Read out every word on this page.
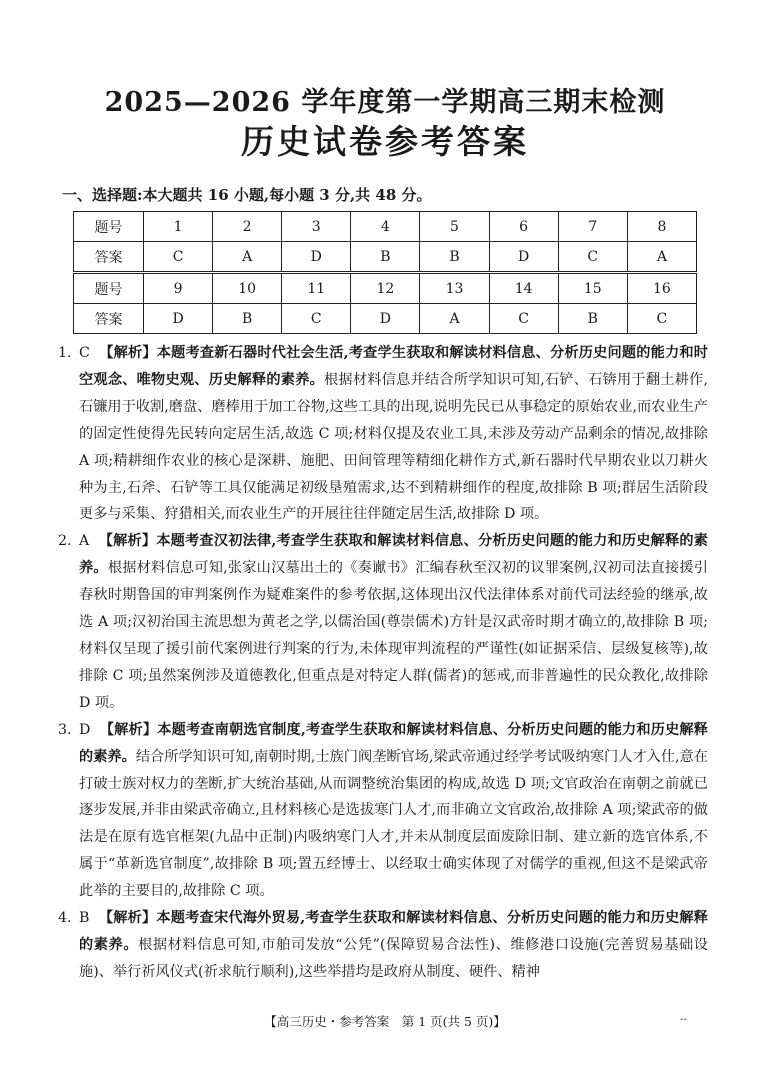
2025—2026 学年度第一学期高三期末检测
历史试卷参考答案
一、选择题:本大题共 16 小题,每小题 3 分,共 48 分。
题号	1	2	3	4	5	6	7	8
答案	C	A	D	B	B	D	C	A
题号	9	10	11	12	13	14	15	16
答案	D	B	C	D	A	C	B	C

1. C 【解析】本题考查新石器时代社会生活,考查学生获取和解读材料信息、分析历史问题的能力和时空观念、唯物史观、历史解释的素养。根据材料信息并结合所学知识可知,石铲、石锛用于翻土耕作,石镰用于收割,磨盘、磨棒用于加工谷物,这些工具的出现,说明先民已从事稳定的原始农业,而农业生产的固定性使得先民转向定居生活,故选 C 项;材料仅提及农业工具,未涉及劳动产品剩余的情况,故排除 A 项;精耕细作农业的核心是深耕、施肥、田间管理等精细化耕作方式,新石器时代早期农业以刀耕火种为主,石斧、石铲等工具仅能满足初级垦殖需求,达不到精耕细作的程度,故排除 B 项;群居生活阶段更多与采集、狩猎相关,而农业生产的开展往往伴随定居生活,故排除 D 项。

2. A 【解析】本题考查汉初法律,考查学生获取和解读材料信息、分析历史问题的能力和历史解释的素养。根据材料信息可知,张家山汉墓出土的《奏谳书》汇编春秋至汉初的议罪案例,汉初司法直接援引春秋时期鲁国的审判案例作为疑难案件的参考依据,这体现出汉代法律体系对前代司法经验的继承,故选 A 项;汉初治国主流思想为黄老之学,以儒治国(尊崇儒术)方针是汉武帝时期才确立的,故排除 B 项;材料仅呈现了援引前代案例进行判案的行为,未体现审判流程的严谨性(如证据采信、层级复核等),故排除 C 项;虽然案例涉及道德教化,但重点是对特定人群(儒者)的惩戒,而非普遍性的民众教化,故排除 D 项。

3. D 【解析】本题考查南朝选官制度,考查学生获取和解读材料信息、分析历史问题的能力和历史解释的素养。结合所学知识可知,南朝时期,士族门阀垄断官场,梁武帝通过经学考试吸纳寒门人才入仕,意在打破士族对权力的垄断,扩大统治基础,从而调整统治集团的构成,故选 D 项;文官政治在南朝之前就已逐步发展,并非由梁武帝确立,且材料核心是选拔寒门人才,而非确立文官政治,故排除 A 项;梁武帝的做法是在原有选官框架(九品中正制)内吸纳寒门人才,并未从制度层面废除旧制、建立新的选官体系,不属于“革新选官制度”,故排除 B 项;置五经博士、以经取士确实体现了对儒学的重视,但这不是梁武帝此举的主要目的,故排除 C 项。

4. B 【解析】本题考查宋代海外贸易,考查学生获取和解读材料信息、分析历史问题的能力和历史解释的素养。根据材料信息可知,市舶司发放“公凭”(保障贸易合法性)、维修港口设施(完善贸易基础设施)、举行祈风仪式(祈求航行顺利),这些举措均是政府从制度、硬件、精神

【高三历史・参考答案　第 1 页(共 5 页)】	--
